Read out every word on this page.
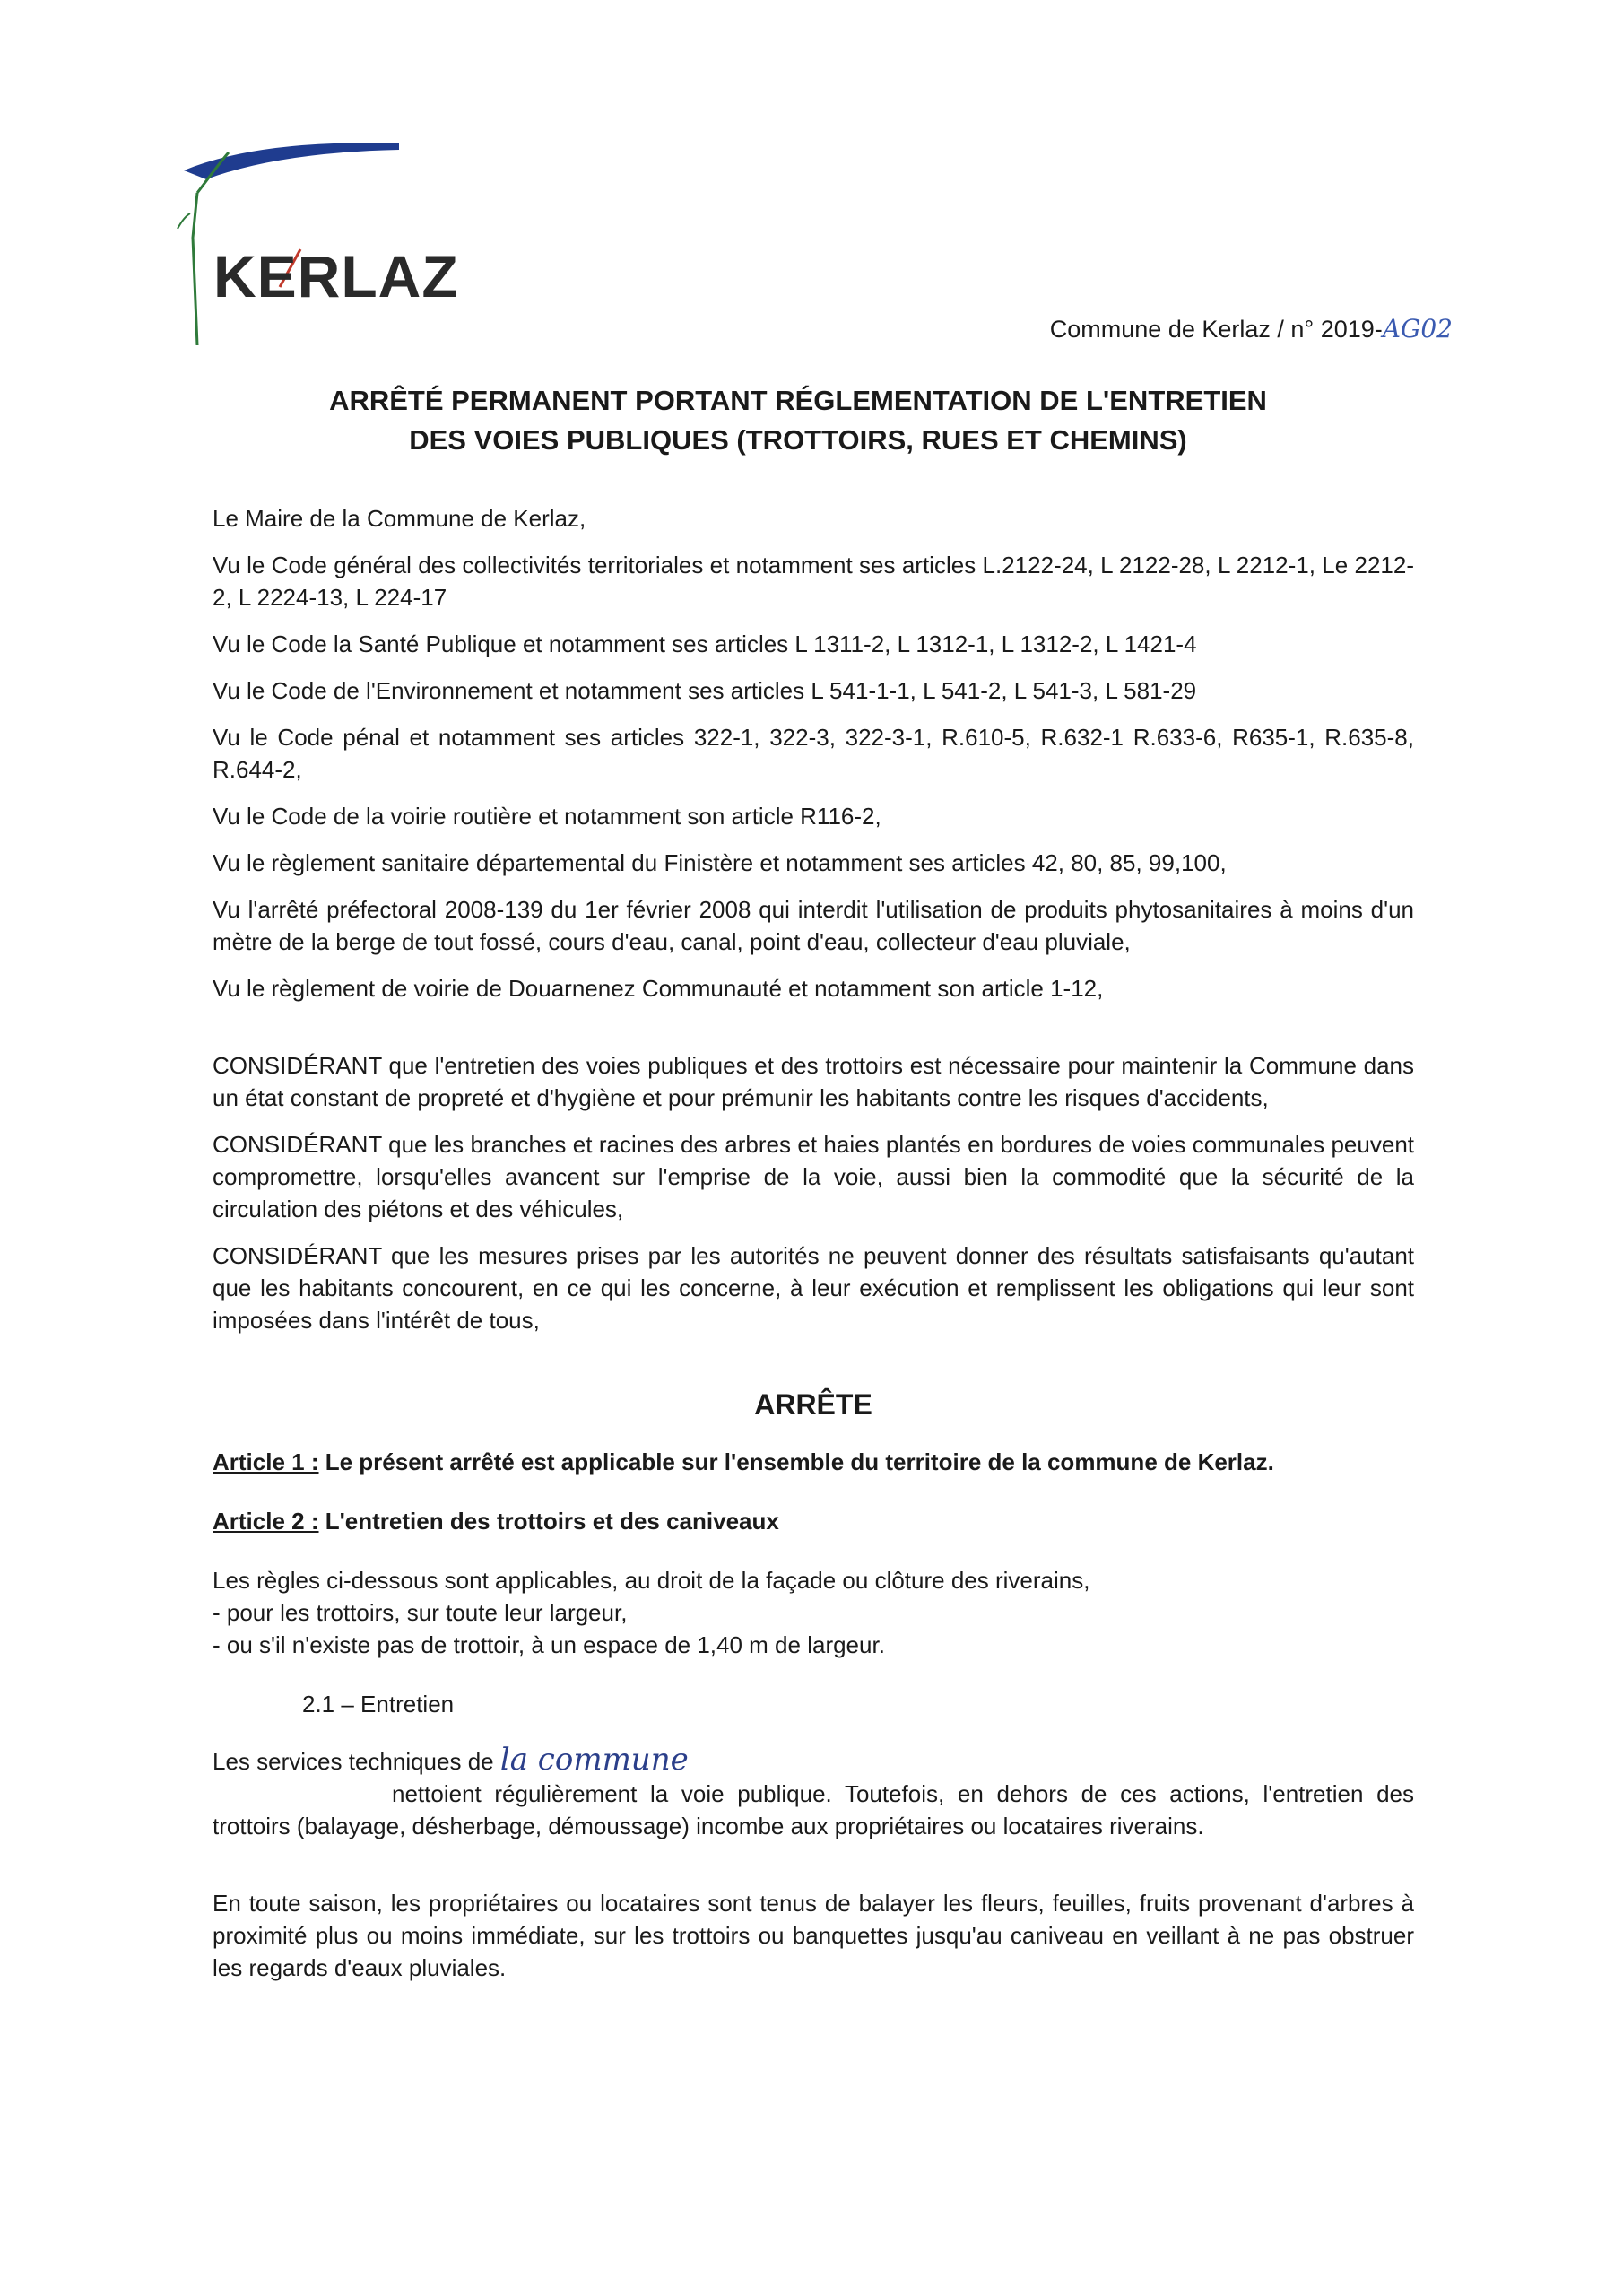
KERLAZ
Commune de Kerlaz / n° 2019-AG02
ARRÊTÉ PERMANENT PORTANT RÉGLEMENTATION DE L'ENTRETIEN
DES VOIES PUBLIQUES (TROTTOIRS, RUES ET CHEMINS)

Le Maire de la Commune de Kerlaz,

Vu le Code général des collectivités territoriales et notamment ses articles L.2122-24, L 2122-28, L 2212-1, Le 2212-2, L 2224-13, L 224-17

Vu le Code la Santé Publique et notamment ses articles L 1311-2, L 1312-1, L 1312-2, L 1421-4

Vu le Code de l'Environnement et notamment ses articles L 541-1-1, L 541-2, L 541-3, L 581-29

Vu le Code pénal et notamment ses articles 322-1, 322-3, 322-3-1, R.610-5, R.632-1 R.633-6, R635-1, R.635-8, R.644-2,

Vu le Code de la voirie routière et notamment son article R116-2,

Vu le règlement sanitaire départemental du Finistère et notamment ses articles 42, 80, 85, 99,100,

Vu l'arrêté préfectoral 2008-139 du 1er février 2008 qui interdit l'utilisation de produits phytosanitaires à moins d'un mètre de la berge de tout fossé, cours d'eau, canal, point d'eau, collecteur d'eau pluviale,

Vu le règlement de voirie de Douarnenez Communauté et notamment son article 1-12,

CONSIDÉRANT que l'entretien des voies publiques et des trottoirs est nécessaire pour maintenir la Commune dans un état constant de propreté et d'hygiène et pour prémunir les habitants contre les risques d'accidents,

CONSIDÉRANT que les branches et racines des arbres et haies plantés en bordures de voies communales peuvent compromettre, lorsqu'elles avancent sur l'emprise de la voie, aussi bien la commodité que la sécurité de la circulation des piétons et des véhicules,

CONSIDÉRANT que les mesures prises par les autorités ne peuvent donner des résultats satisfaisants qu'autant que les habitants concourent, en ce qui les concerne, à leur exécution et remplissent les obligations qui leur sont imposées dans l'intérêt de tous,

ARRÊTE

Article 1 : Le présent arrêté est applicable sur l'ensemble du territoire de la commune de Kerlaz.

Article 2 : L'entretien des trottoirs et des caniveaux

Les règles ci-dessous sont applicables, au droit de la façade ou clôture des riverains,
- pour les trottoirs, sur toute leur largeur,
- ou s'il n'existe pas de trottoir, à un espace de 1,40 m de largeur.

2.1 – Entretien

Les services techniques de la commune
nettoient régulièrement la voie publique. Toutefois, en dehors de ces actions, l'entretien des trottoirs (balayage, désherbage, démoussage) incombe aux propriétaires ou locataires riverains.

En toute saison, les propriétaires ou locataires sont tenus de balayer les fleurs, feuilles, fruits provenant d'arbres à proximité plus ou moins immédiate, sur les trottoirs ou banquettes jusqu'au caniveau en veillant à ne pas obstruer les regards d'eaux pluviales.
